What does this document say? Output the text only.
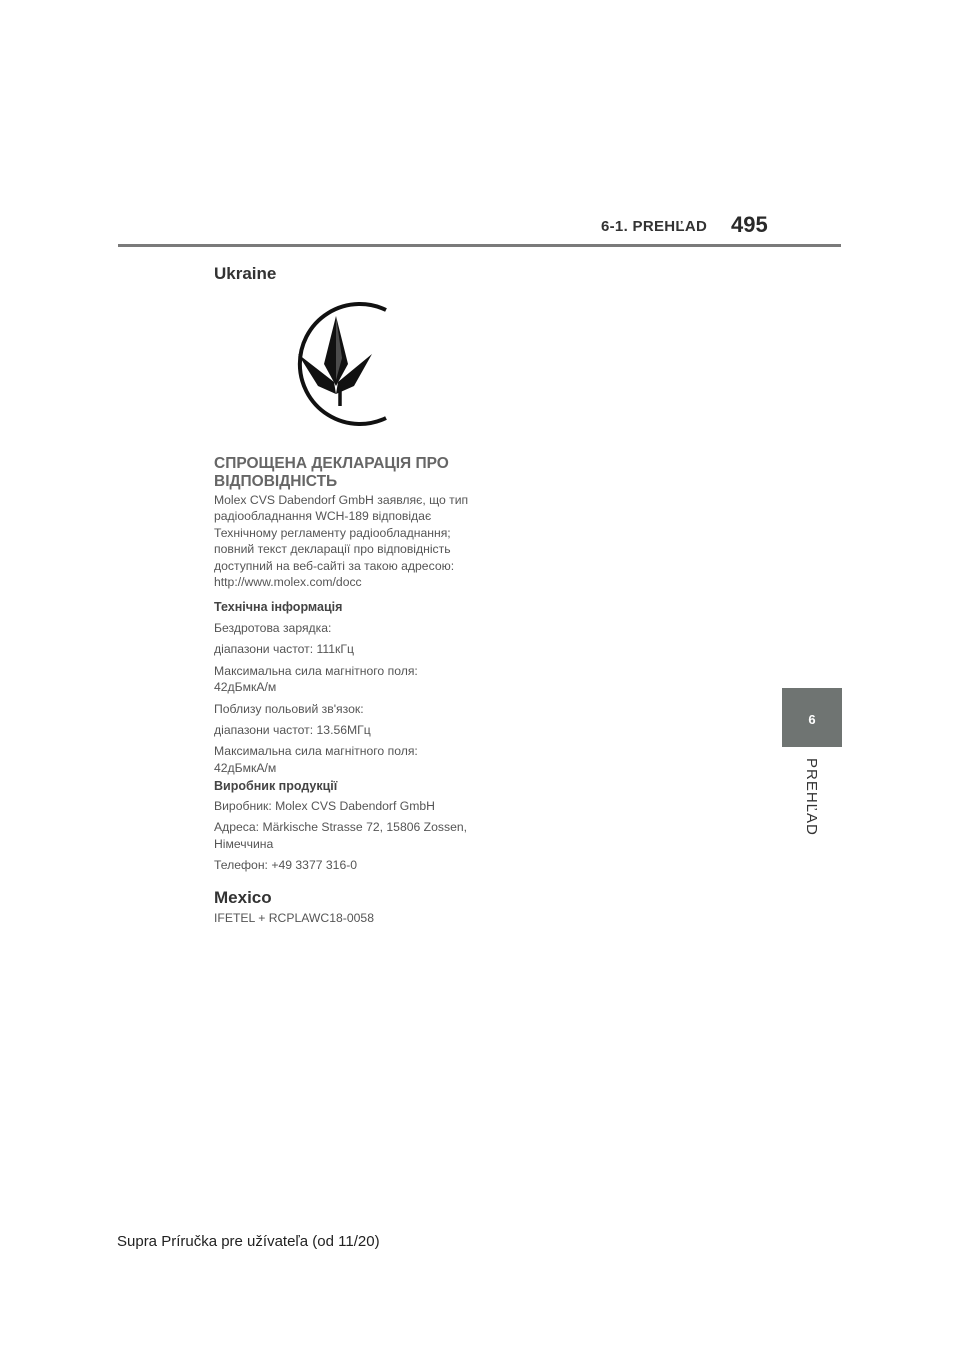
6-1. PREHĽAD 495
6
PREHĽAD

Ukraine

СПРОЩЕНА ДЕКЛАРАЦІЯ ПРО ВІДПОВІДНІСТЬ

Molex CVS Dabendorf GmbH заявляє, що тип

радіообладнання WCH-189 відповідає

Технічному регламенту радіообладнання;

повний текст декларації про відповідність

доступний на веб-сайті за такою адресою:

http://www.molex.com/docc

Технічна інформація

Бездротова зарядка:

діапазони частот: 111кГц

Максимальна сила магнітного поля:

42дБмкА/м

Поблизу польовий зв'язок:

діапазони частот: 13.56МГц

Максимальна сила магнітного поля:

42дБмкА/м

Виробник продукції

Виробник: Molex CVS Dabendorf GmbH

Адреса: Märkische Strasse 72, 15806 Zossen,

Німеччина

Телефон: +49 3377 316-0

Mexico

IFETEL + RCPLAWC18-0058

Supra Príručka pre užívateľa (od 11/20)
